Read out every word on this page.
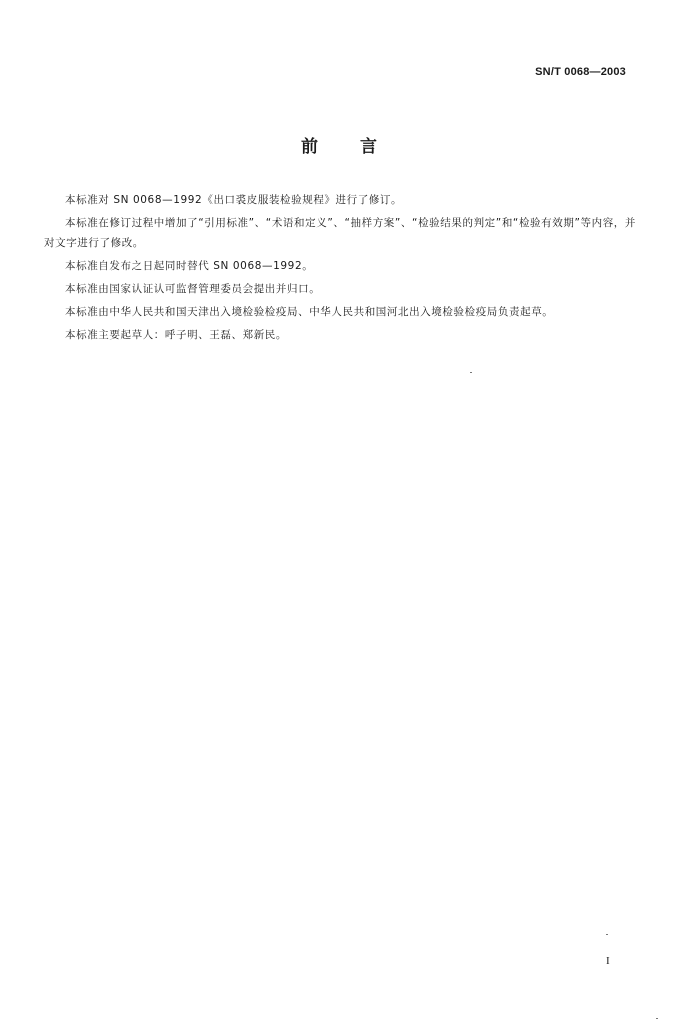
SN/T 0068—2003
前 言

本标准对 SN 0068—1992《出口裘皮服装检验规程》进行了修订。

本标准在修订过程中增加了“引用标准”、“术语和定义”、“抽样方案”、“检验结果的判定”和“检验有效期”等内容，并对文字进行了修改。

本标准自发布之日起同时替代 SN 0068—1992。

本标准由国家认证认可监督管理委员会提出并归口。

本标准由中华人民共和国天津出入境检验检疫局、中华人民共和国河北出入境检验检疫局负责起草。

本标准主要起草人：呼子明、王磊、郑新民。

I
